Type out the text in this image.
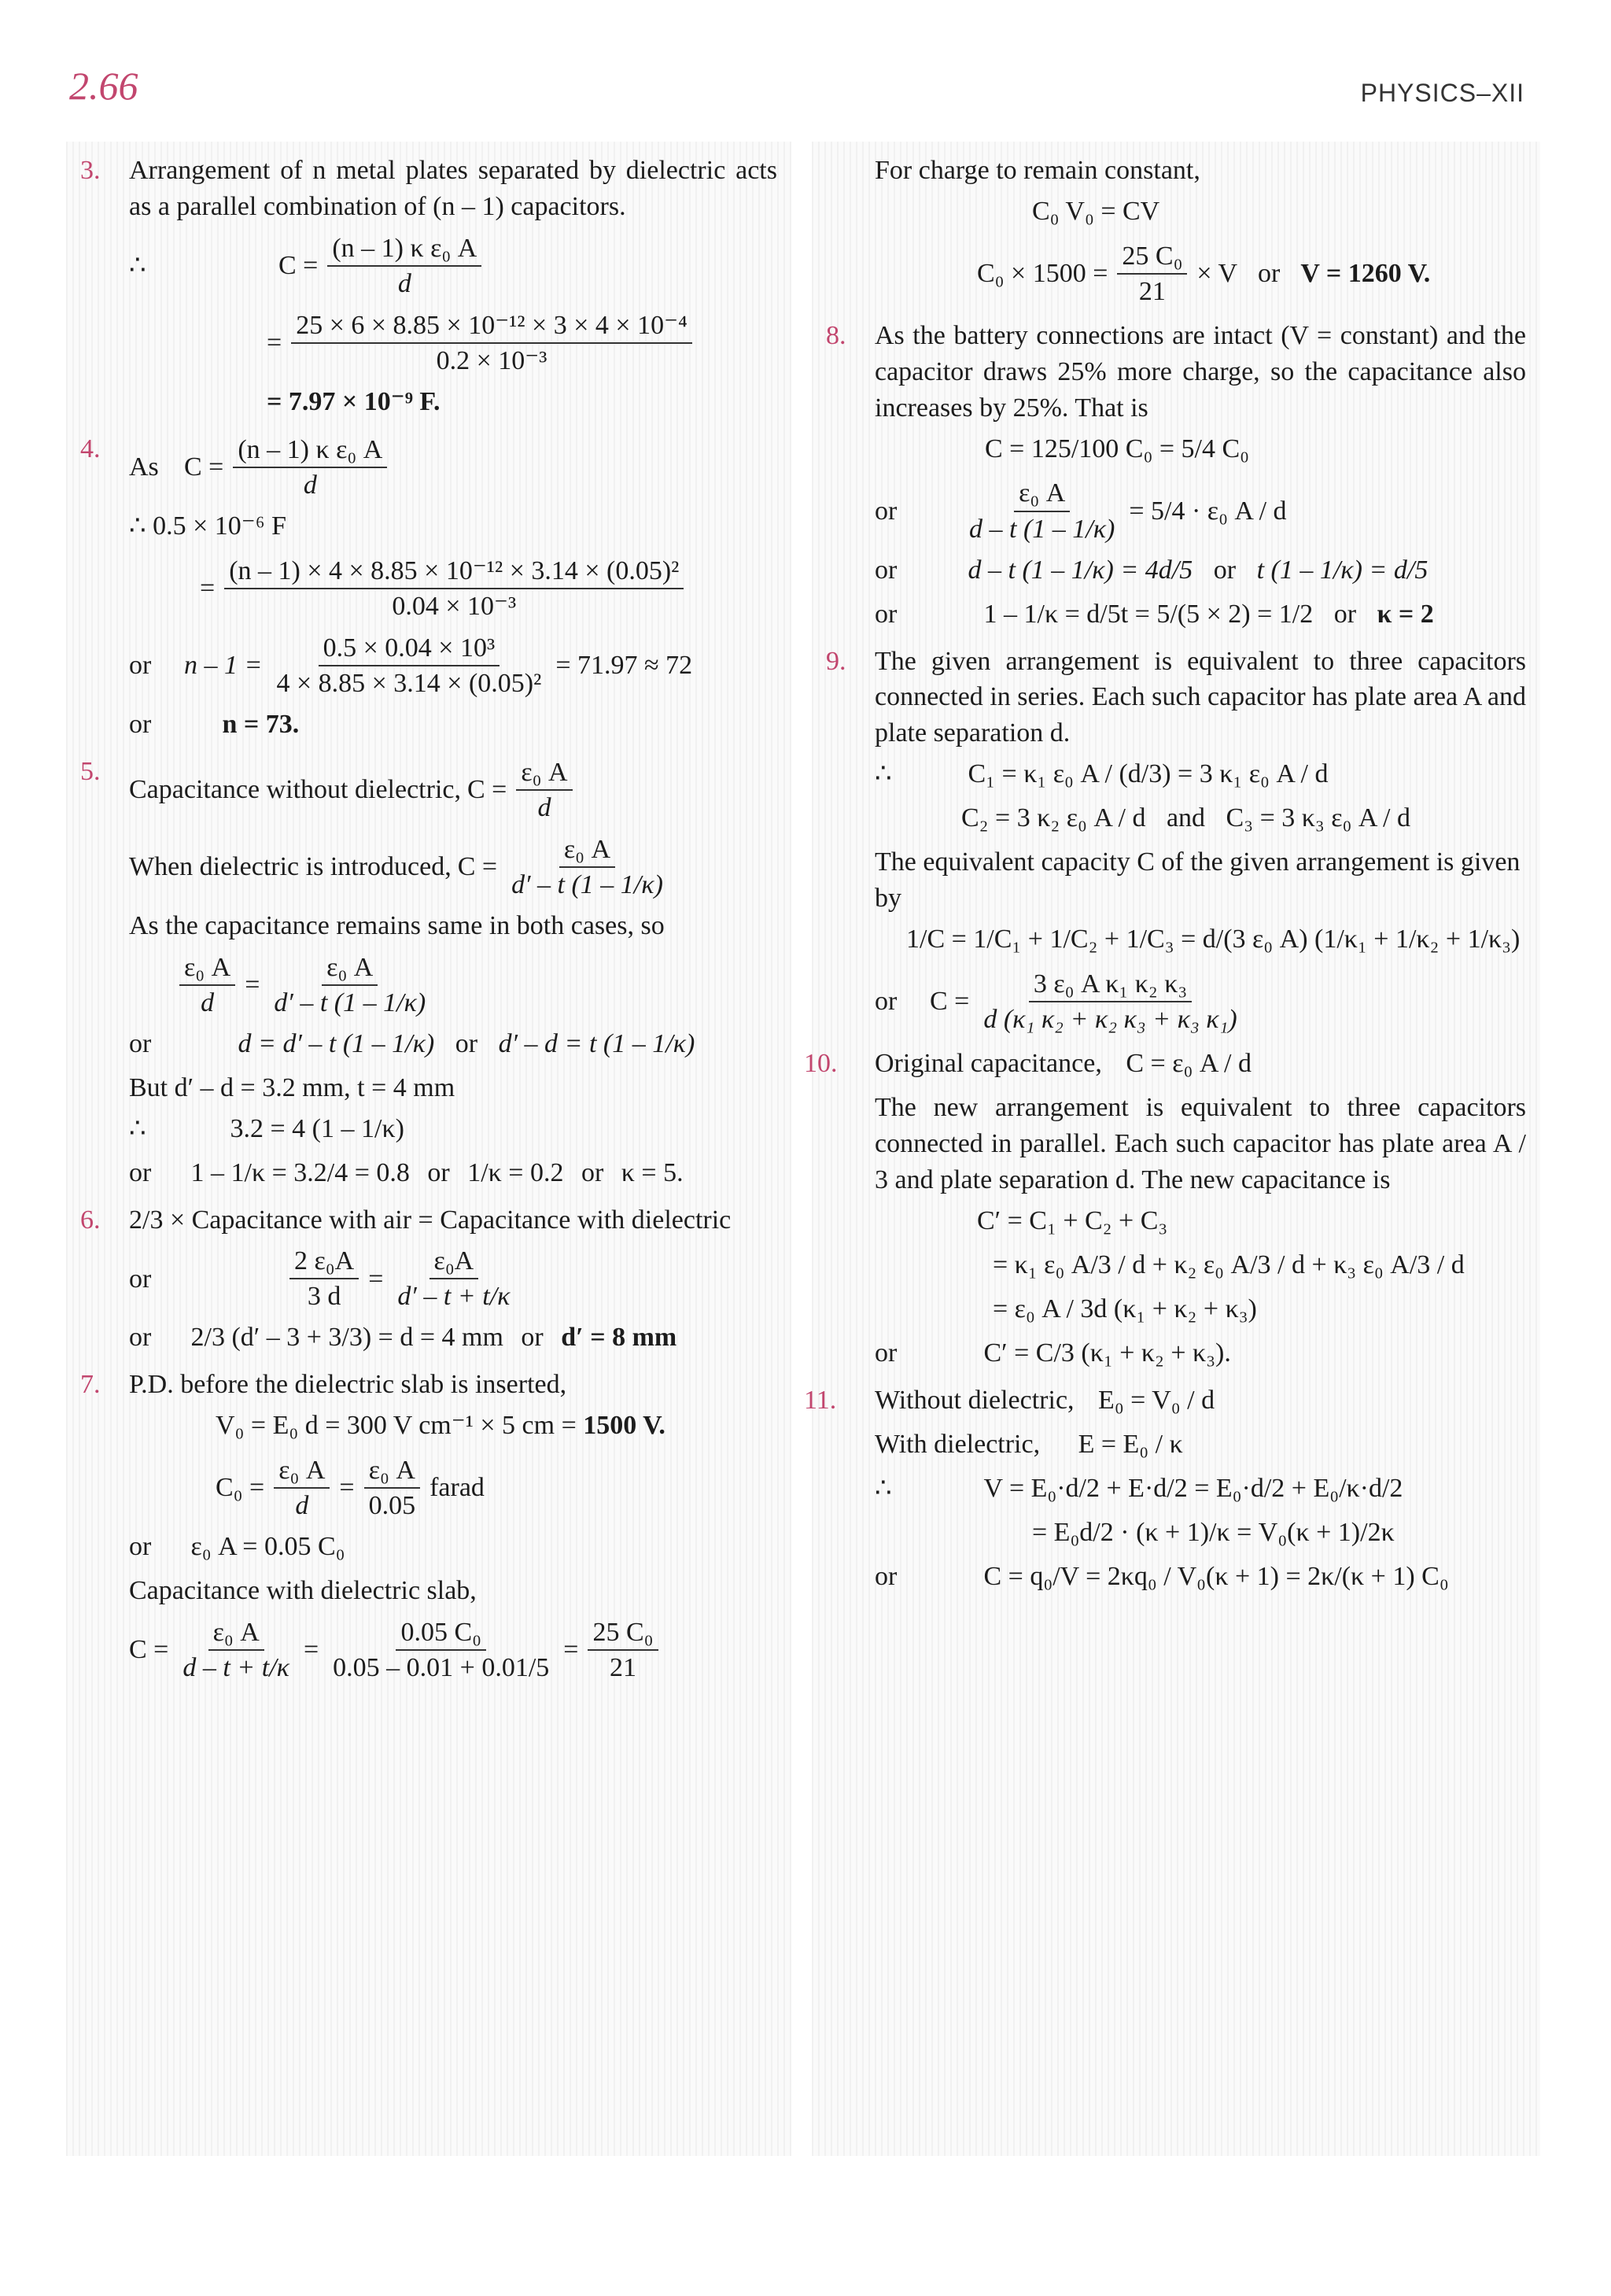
2.66	PHYSICS–XII
3. Arrangement of n metal plates separated by dielectric acts as a parallel combination of (n – 1) capacitors.

∴	$C = \frac{\text{(n – 1) κ ε₀ A}}{d}$
= $\frac{\text{25 × 6 × 8.85 × 10⁻¹² × 3 × 4 × 10⁻⁴}}{\text{0.2 × 10⁻³}}$
= 7.97 × 10⁻⁹ F.
4.
As $C = \frac{\text{(n – 1) κ ε₀ A}}{d}$
∴ 0.5 × 10⁻⁶ F
= $\frac{\text{(n – 1) × 4 × 8.85 × 10⁻¹² × 3.14 × (0.05)²}}{\text{0.04 × 10⁻³}}$
or	$n - 1 = \frac{\text{0.5 × 0.04 × 10³}}{\text{4 × 8.85 × 3.14 × (0.05)²}} = 71.97 \approx 72$
or	n = 73.
5.
Capacitance without dielectric, $C = \frac{\text{ε₀ A}}{d}$
When dielectric is introduced, $C = \frac{\text{ε₀ A}}{d' - t (1 - 1/\kappa)}$

As the capacitance remains same in both cases, so

$\frac{\text{ε₀ A}}{d} = \frac{\text{ε₀ A}}{d' - t (1 - 1/\kappa)}$
or	d = d′ – t (1 – 1/κ) or d′ – d = t (1 – 1/κ)

But d′ – d = 3.2 mm, t = 4 mm

∴	3.2 = 4 (1 – 1/κ)
or 1 – 1/κ = 3.2/4 = 0.8 or 1/κ = 0.2 or κ = 5.
6. 2/3 × Capacitance with air = Capacitance with dielectric

or	$\frac{\text{2 ε₀A}}{3 d} = \frac{\text{ε₀A}}{d' - t + t/\kappa}$
or 2/3 (d′ – 3 + 3/3) = d = 4 mm or d′ = 8 mm
7. P.D. before the dielectric slab is inserted,

V₀ = E₀ d = 300 V cm⁻¹ × 5 cm = 1500 V.
$C_0 = \frac{\text{ε₀ A}}{d} = \frac{\text{ε₀ A}}{0.05}$ farad
or ε₀ A = 0.05 C₀

Capacitance with dielectric slab,

$C = \frac{\text{ε₀ A}}{d - t + t/\kappa} = \frac{\text{0.05 C₀}}{0.05 - 0.01 + 0.01/5} = \frac{\text{25 C₀}}{21}$

For charge to remain constant,

C₀ V₀ = CV
$C_0 \times 1500 = \frac{\text{25 C₀}}{21} \times V$ or V = 1260 V.
8. As the battery connections are intact (V = constant) and the capacitor draws 25% more charge, so the capacitance also increases by 25%. That is

C = 125/100 C₀ = 5/4 C₀
or	$\frac{\text{ε₀ A}}{d - t (1 - 1/\kappa)} = 5/4 \cdot \varepsilon_0$ A / d
or	d – t (1 – 1/κ) = 4d/5 or t (1 – 1/κ) = d/5
or	1 – 1/κ = d/5t = 5/(5 × 2) = 1/2 or κ = 2
9. The given arrangement is equivalent to three capacitors connected in series. Each such capacitor has plate area A and plate separation d.

∴	C₁ = κ₁ ε₀ A / (d/3) = 3 κ₁ ε₀ A / d
C₂ = 3 κ₂ ε₀ A / d and C₃ = 3 κ₃ ε₀ A / d

The equivalent capacity C of the given arrangement is given by

1/C = 1/C₁ + 1/C₂ + 1/C₃ = d/(3 ε₀ A) (1/κ₁ + 1/κ₂ + 1/κ₃)
or	$C = \frac{\text{3 ε₀ A κ₁ κ₂ κ₃}}{\text{d (κ₁ κ₂ + κ₂ κ₃ + κ₃ κ₁)}}$
10. Original capacitance, C = ε₀ A / d

The new arrangement is equivalent to three capacitors connected in parallel. Each such capacitor has plate area A / 3 and plate separation d. The new capacitance is

C′ = C₁ + C₂ + C₃
= κ₁ ε₀ A/3 / d + κ₂ ε₀ A/3 / d + κ₃ ε₀ A/3 / d
= ε₀ A / 3d (κ₁ + κ₂ + κ₃)
or	C′ = C/3 (κ₁ + κ₂ + κ₃).
11. Without dielectric, E₀ = V₀ / d
With dielectric, E = E₀ / κ
∴	V = E₀·d/2 + E·d/2 = E₀·d/2 + E₀/κ·d/2
= E₀d/2 · (κ + 1)/κ = V₀(κ + 1)/2κ
or	C = q₀/V = 2κq₀ / V₀(κ + 1) = 2κ/(κ + 1) C₀
